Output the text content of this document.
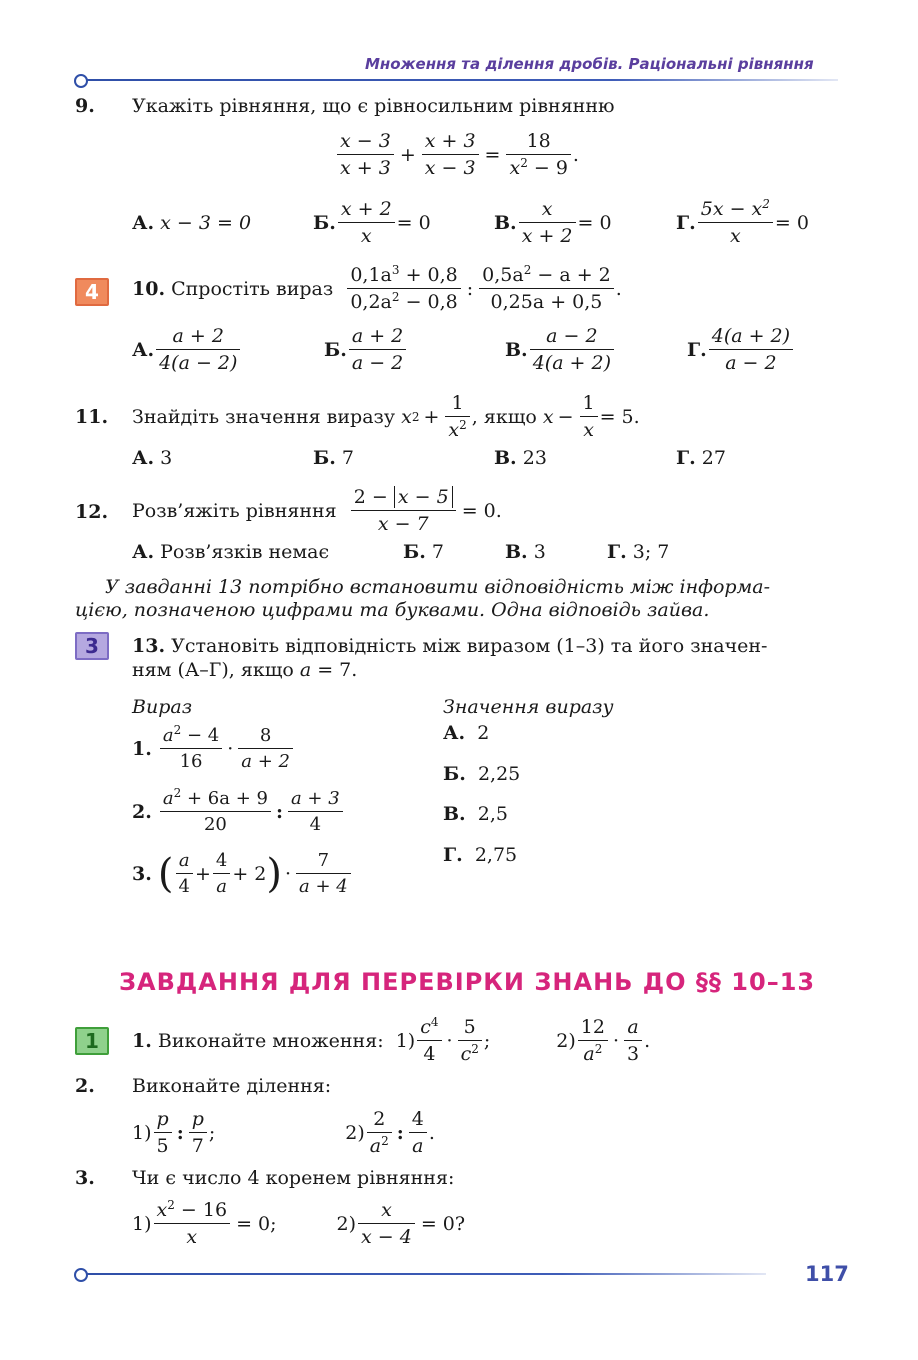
Множення та ділення дробів. Раціональні рівняння
9. Укажіть рівняння, що є рівносильним рівнянню
$\frac{x - 3}{x + 3} + \frac{x + 3}{x - 3} = \frac{18}{x^2 - 9}$ .
А. x − 3 = 0	Б. $\frac{x + 2}{x} = 0$	В. $\frac{x}{x + 2} = 0$	Г. $\frac{5x - x^2}{x} = 0$
4	10.
Спростіть вираз
$\frac{0,1a^3 + 0,8}{0,2a^2 - 0,8}$ : $\frac{0,5a^2 - a + 2}{0,25a + 0,5}$ .
А. $\frac{a + 2}{4(a - 2)}$	Б. $\frac{a + 2}{a - 2}$	В. $\frac{a - 2}{4(a + 2)}$	Г. $\frac{4(a + 2)}{a - 2}$
11. Знайдіть значення виразу
x $2 + \frac{1}{x^2}$ , якщо
$x - \frac{1}{x} = 5$.
А. 3	Б. 7	В. 23	Г. 27
12. Розв’яжіть рівняння
$\frac{2 - x - 5}{x - 7} = 0$.
А. Розв’язків немає	Б. 7	В. 3	Г. 3; 7
У завданні 13 потрібно встановити відповідність між інформа-
цією, позначеною цифрами та буквами. Одна відповідь зайва.
3	13. Установіть відповідність між виразом (1–3) та його значен-
ням (А–Г), якщо a = 7.
Вираз	Значення виразу
1.
$\frac{a^2 - 4}{16} \cdot \frac{8}{a + 2}$
2.
$\frac{a^2 + 6a + 9}{20}$ : $\frac{a + 3}{4}$
3.
( $\frac{a}{4} + \frac{4}{a} + 2$ ) · $\frac{7}{a + 4}$
А. 2
Б. 2,25
В. 2,5
Г. 2,75
ЗАВДАННЯ ДЛЯ ПЕРЕВІРКИ ЗНАНЬ ДО §§ 10–13
1	1.
Виконайте множення:
$1) \frac{c^4}{4} \cdot \frac{5}{c^2}$ ;	$2) \frac{12}{a^2} \cdot \frac{a}{3}$ .
2. Виконайте ділення:
$1) \frac{p}{5}$ : $\frac{p}{7}$ ;	$2) \frac{2}{a^2}$ : $\frac{4}{a}$ .
3. Чи є число 4 коренем рівняння:
$1) \frac{x^2 - 16}{x} = 0$;	$2) \frac{x}{x - 4} = 0$?
117
